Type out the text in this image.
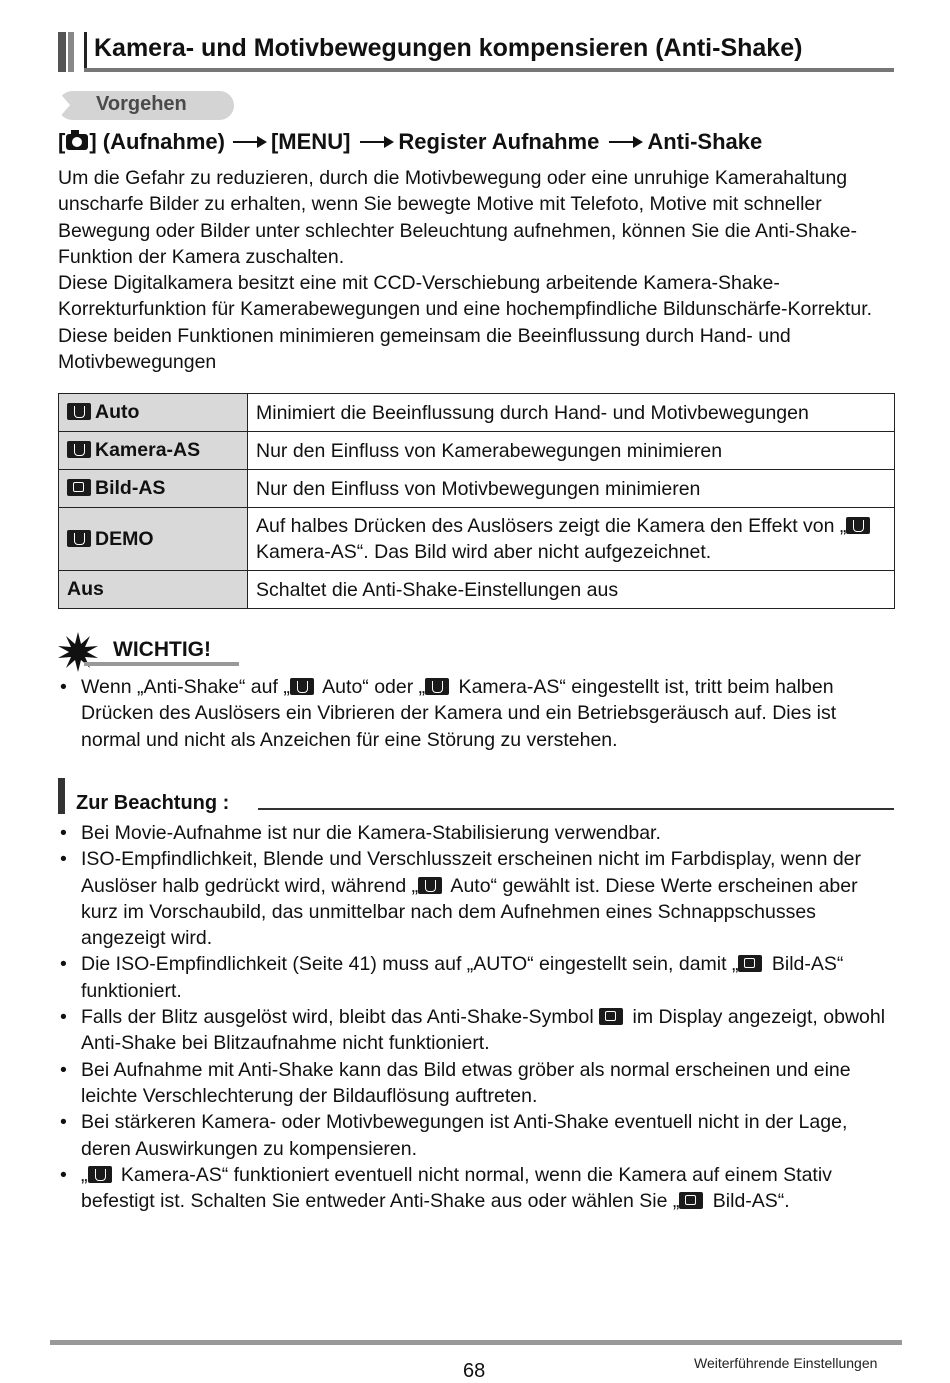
Kamera- und Motivbewegungen kompensieren (Anti-Shake)
Vorgehen
[ ] (Aufnahme) [MENU] Register Aufnahme Anti-Shake
Um die Gefahr zu reduzieren, durch die Motivbewegung oder eine unruhige Kamerahaltung unscharfe Bilder zu erhalten, wenn Sie bewegte Motive mit Telefoto, Motive mit schneller Bewegung oder Bilder unter schlechter Beleuchtung aufnehmen, können Sie die Anti-Shake-Funktion der Kamera zuschalten.
Diese Digitalkamera besitzt eine mit CCD-Verschiebung arbeitende Kamera-Shake-Korrekturfunktion für Kamerabewegungen und eine hochempfindliche Bildunschärfe-Korrektur. Diese beiden Funktionen minimieren gemeinsam die Beeinflussung durch Hand- und Motivbewegungen
Auto	Minimiert die Beeinflussung durch Hand- und Motivbewegungen
Kamera-AS	Nur den Einfluss von Kamerabewegungen minimieren
Bild-AS	Nur den Einfluss von Motivbewegungen minimieren
DEMO	Auf halbes Drücken des Auslösers zeigt die Kamera den Effekt von „ Kamera-AS“. Das Bild wird aber nicht aufgezeichnet.
Aus	Schaltet die Anti-Shake-Einstellungen aus
WICHTIG!
• Wenn „Anti-Shake“ auf „ Auto“ oder „ Kamera-AS“ eingestellt ist, tritt beim halben Drücken des Auslösers ein Vibrieren der Kamera und ein Betriebsgeräusch auf. Dies ist normal und nicht als Anzeichen für eine Störung zu verstehen.
Zur Beachtung :
• Bei Movie-Aufnahme ist nur die Kamera-Stabilisierung verwendbar.
• ISO-Empfindlichkeit, Blende und Verschlusszeit erscheinen nicht im Farbdisplay, wenn der Auslöser halb gedrückt wird, während „ Auto“ gewählt ist. Diese Werte erscheinen aber kurz im Vorschaubild, das unmittelbar nach dem Aufnehmen eines Schnappschusses angezeigt wird.
• Die ISO-Empfindlichkeit (Seite 41) muss auf „AUTO“ eingestellt sein, damit „ Bild-AS“ funktioniert.
• Falls der Blitz ausgelöst wird, bleibt das Anti-Shake-Symbol  im Display angezeigt, obwohl Anti-Shake bei Blitzaufnahme nicht funktioniert.
• Bei Aufnahme mit Anti-Shake kann das Bild etwas gröber als normal erscheinen und eine leichte Verschlechterung der Bildauflösung auftreten.
• Bei stärkeren Kamera- oder Motivbewegungen ist Anti-Shake eventuell nicht in der Lage, deren Auswirkungen zu kompensieren.
• „ Kamera-AS“ funktioniert eventuell nicht normal, wenn die Kamera auf einem Stativ befestigt ist. Schalten Sie entweder Anti-Shake aus oder wählen Sie „ Bild-AS“.
68	Weiterführende Einstellungen
